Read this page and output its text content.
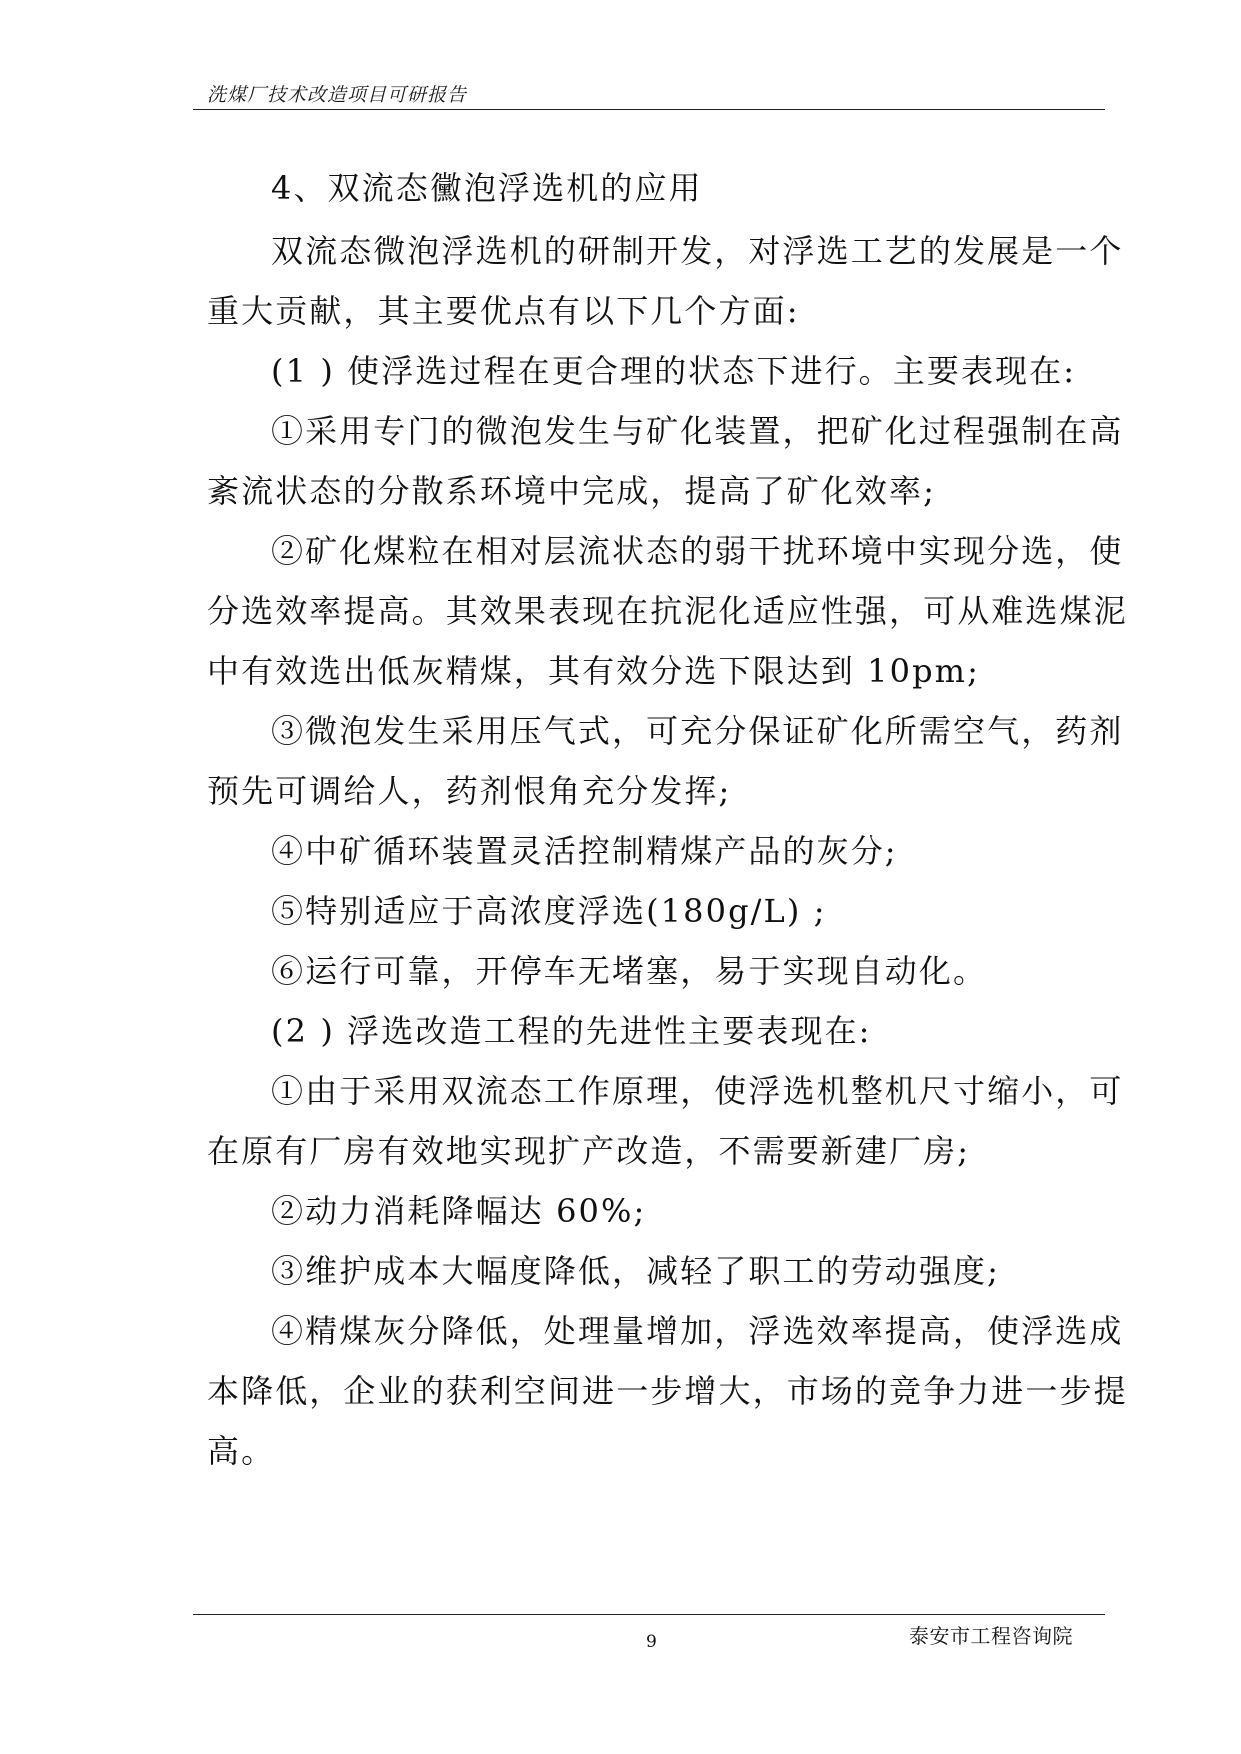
洗煤厂技术改造项目可研报告
4、双流态黴泡浮选机的应用
双流态微泡浮选机的研制开发，对浮选工艺的发展是一个
重大贡献，其主要优点有以下几个方面:
(1 ) 使浮选过程在更合理的状态下进行。主要表现在:
①采用专门的微泡发生与矿化装置，把矿化过程强制在高
紊流状态的分散系环境中完成，提高了矿化效率;
②矿化煤粒在相对层流状态的弱干扰环境中实现分选，使
分选效率提高。其效果表现在抗泥化适应性强，可从难选煤泥
中有效选出低灰精煤，其有效分选下限达到 10pm;
③微泡发生采用压气式，可充分保证矿化所需空气，药剂
预先可调给人，药剂恨角充分发挥;
④中矿循环装置灵活控制精煤产品的灰分;
⑤特别适应于高浓度浮选(180g/L) ;
⑥运行可靠，开停车无堵塞，易于实现自动化。
(2 ) 浮选改造工程的先进性主要表现在:
①由于采用双流态工作原理，使浮选机整机尺寸缩小，可
在原有厂房有效地实现扩产改造，不需要新建厂房;
②动力消耗降幅达 60%;
③维护成本大幅度降低，减轻了职工的劳动强度;
④精煤灰分降低，处理量增加，浮选效率提高，使浮选成
本降低，企业的获利空间进一步增大，市场的竞争力进一步提
高。
9	泰安市工程咨询院
